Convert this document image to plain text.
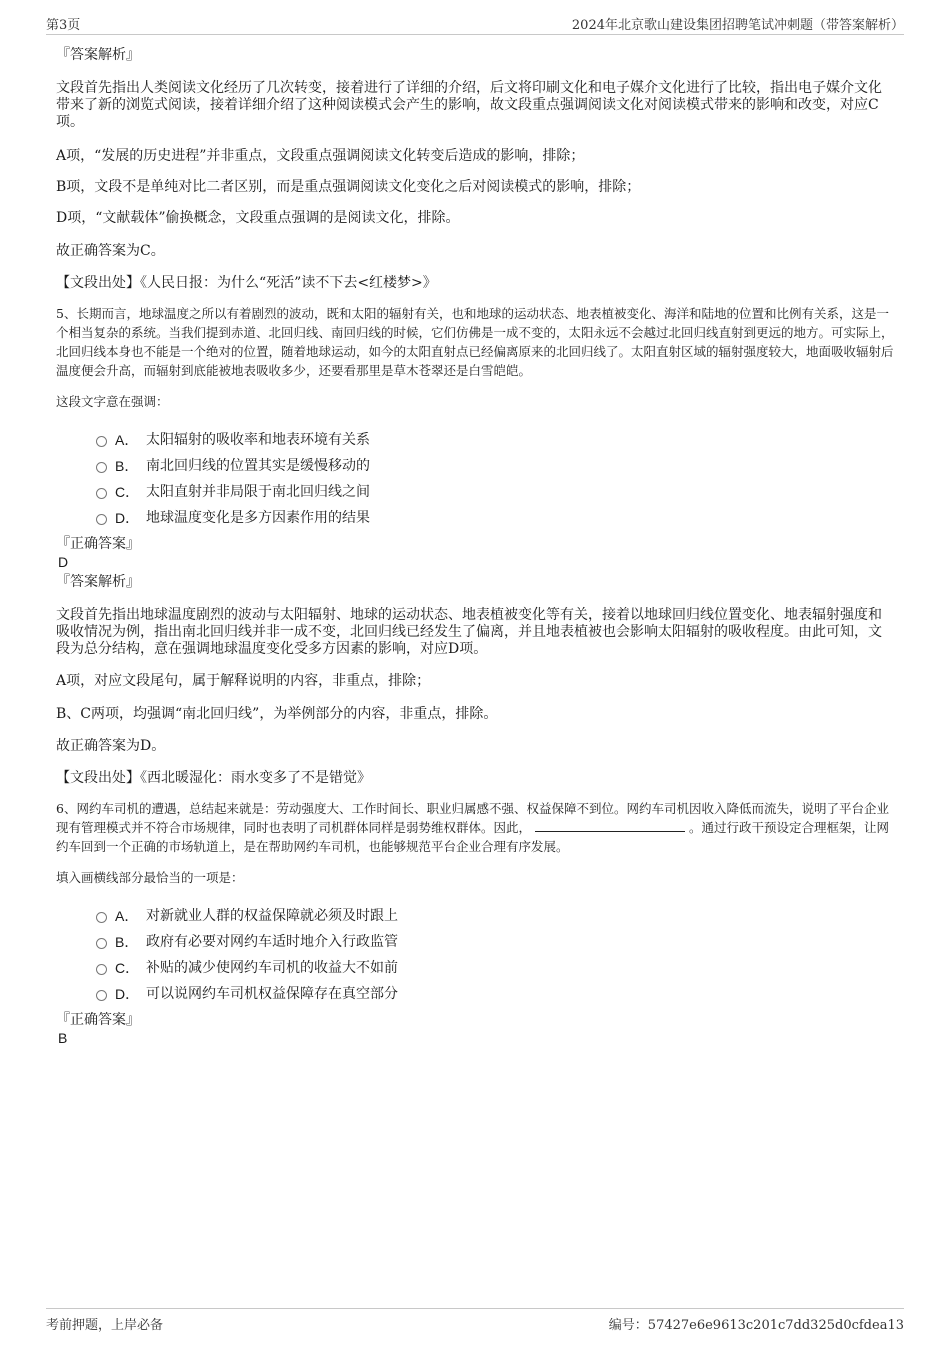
第3页	2024年北京歌山建设集团招聘笔试冲刺题（带答案解析）

『答案解析』

文段首先指出人类阅读文化经历了几次转变，接着进行了详细的介绍，后文将印刷文化和电子媒介文化进行了比较，指出电子媒介文化带来了新的浏览式阅读，接着详细介绍了这种阅读模式会产生的影响，故文段重点强调阅读文化对阅读模式带来的影响和改变，对应C项。

A项，“发展的历史进程”并非重点，文段重点强调阅读文化转变后造成的影响，排除；

B项，文段不是单纯对比二者区别，而是重点强调阅读文化变化之后对阅读模式的影响，排除；

D项，“文献载体”偷换概念，文段重点强调的是阅读文化，排除。

故正确答案为C。

【文段出处】《人民日报：为什么“死活”读不下去<红楼梦>》

5、长期而言，地球温度之所以有着剧烈的波动，既和太阳的辐射有关，也和地球的运动状态、地表植被变化、海洋和陆地的位置和比例有关系，这是一个相当复杂的系统。当我们提到赤道、北回归线、南回归线的时候，它们仿佛是一成不变的，太阳永远不会越过北回归线直射到更远的地方。可实际上，北回归线本身也不能是一个绝对的位置，随着地球运动，如今的太阳直射点已经偏离原来的北回归线了。太阳直射区域的辐射强度较大，地面吸收辐射后温度便会升高，而辐射到底能被地表吸收多少，还要看那里是草木苍翠还是白雪皑皑。

这段文字意在强调：

A． 太阳辐射的吸收率和地表环境有关系
B． 南北回归线的位置其实是缓慢移动的
C． 太阳直射并非局限于南北回归线之间
D． 地球温度变化是多方因素作用的结果

『正确答案』

D

『答案解析』

文段首先指出地球温度剧烈的波动与太阳辐射、地球的运动状态、地表植被变化等有关，接着以地球回归线位置变化、地表辐射强度和吸收情况为例，指出南北回归线并非一成不变，北回归线已经发生了偏离，并且地表植被也会影响太阳辐射的吸收程度。由此可知，文段为总分结构，意在强调地球温度变化受多方因素的影响，对应D项。

A项，对应文段尾句，属于解释说明的内容，非重点，排除；

B、C两项，均强调“南北回归线”，为举例部分的内容，非重点，排除。

故正确答案为D。

【文段出处】《西北暖湿化：雨水变多了不是错觉》

6、网约车司机的遭遇，总结起来就是：劳动强度大、工作时间长、职业归属感不强、权益保障不到位。网约车司机因收入降低而流失，说明了平台企业现有管理模式并不符合市场规律，同时也表明了司机群体同样是弱势维权群体。因此，	。通过行政干预设定合理框架，让网约车回到一个正确的市场轨道上，是在帮助网约车司机，也能够规范平台企业合理有序发展。

填入画横线部分最恰当的一项是：

A． 对新就业人群的权益保障就必须及时跟上
B． 政府有必要对网约车适时地介入行政监管
C． 补贴的减少使网约车司机的收益大不如前
D． 可以说网约车司机权益保障存在真空部分

『正确答案』

B

考前押题，上岸必备	编号：57427e6e9613c201c7dd325d0cfdea13
